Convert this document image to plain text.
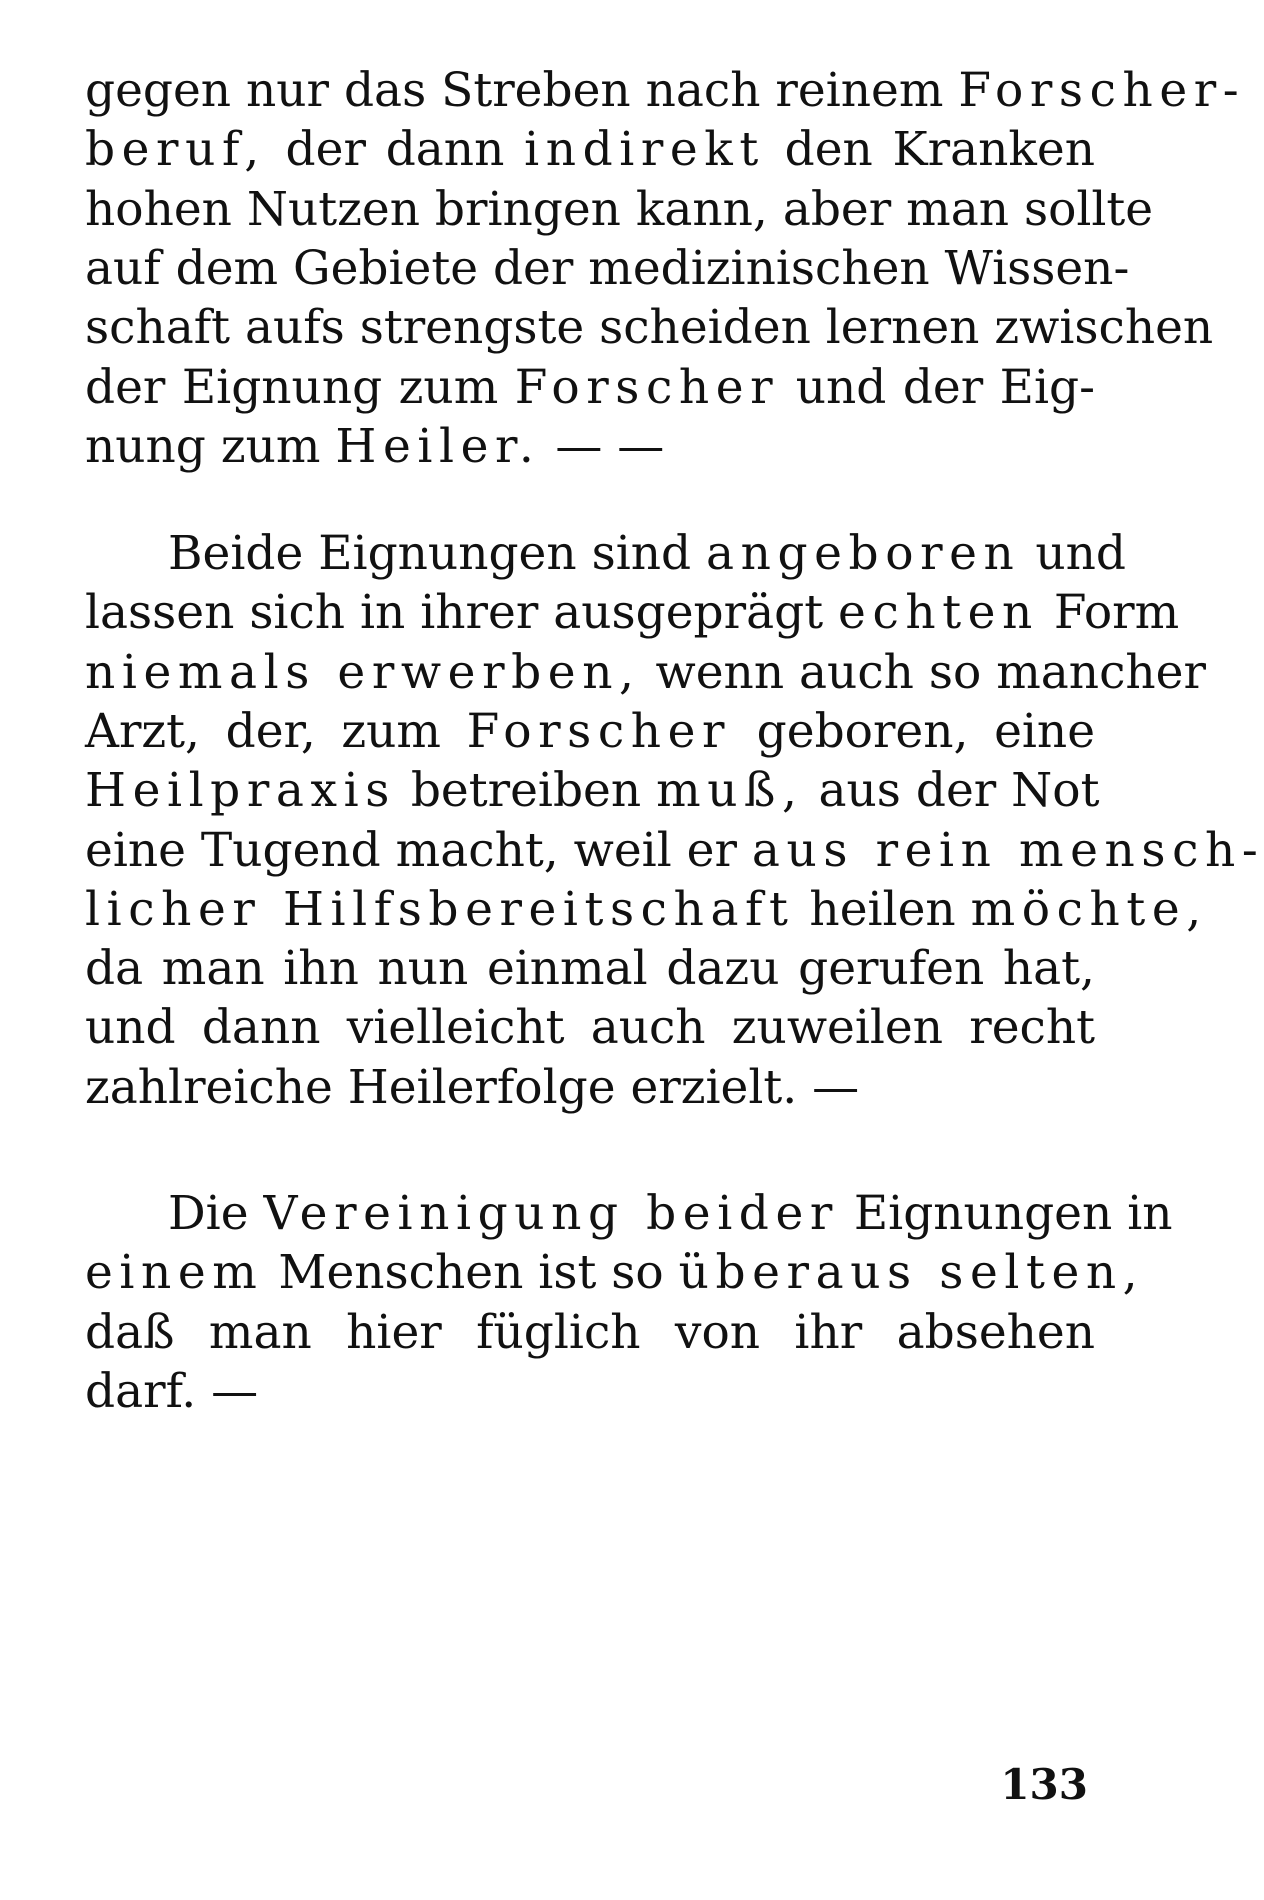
gegen nur das Streben nach reinem Forscher-
beruf, der dann indirekt den Kranken
hohen Nutzen bringen kann, aber man sollte
auf dem Gebiete der medizinischen Wissen-
schaft aufs strengste scheiden lernen zwischen
der Eignung zum Forscher und der Eig-
nung zum Heiler. — —
Beide Eignungen sind angeboren und
lassen sich in ihrer ausgeprägt echten Form
niemals erwerben, wenn auch so mancher
Arzt, der, zum Forscher geboren, eine
Heilpraxis betreiben muß, aus der Not
eine Tugend macht, weil er aus rein mensch-
licher Hilfsbereitschaft heilen möchte,
da man ihn nun einmal dazu gerufen hat,
und dann vielleicht auch zuweilen recht
zahlreiche Heilerfolge erzielt. —
Die Vereinigung beider Eignungen in
einem Menschen ist so überaus selten,
daß man hier füglich von ihr absehen
darf. —
133
